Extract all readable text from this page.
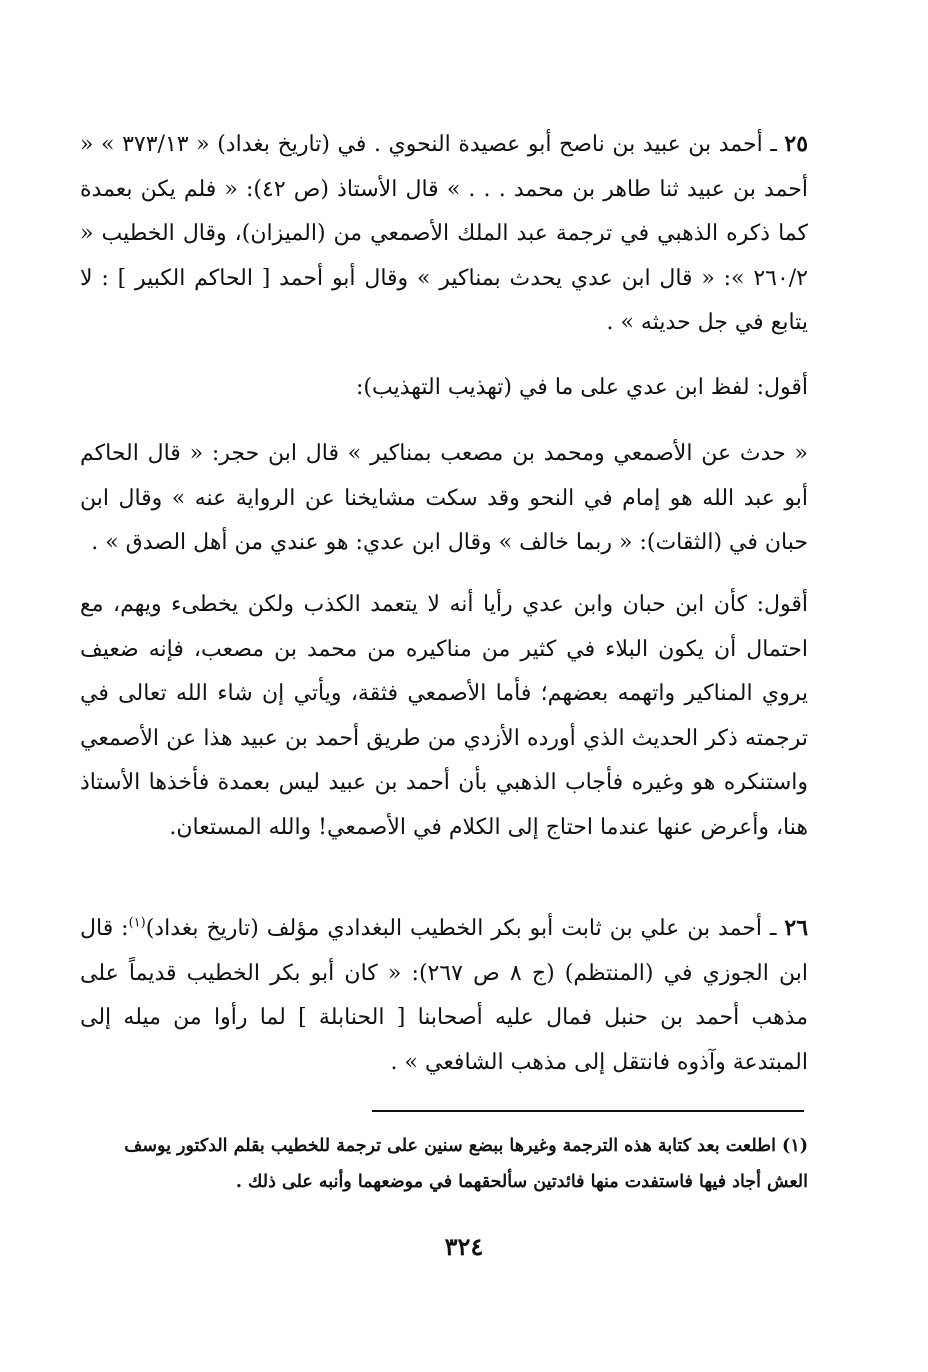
٢٥ ـ أحمد بن عبيد بن ناصح أبو عصيدة النحوي . في (تاريخ بغداد) « ٣٧٣/١٣ » « أحمد بن عبيد ثنا طاهر بن محمد . . . » قال الأستاذ (ص ٤٢): « فلم يكن بعمدة كما ذكره الذهبي في ترجمة عبد الملك الأصمعي من (الميزان)، وقال الخطيب « ٢٦٠/٢ »: « قال ابن عدي يحدث بمناكير » وقال أبو أحمد [ الحاكم الكبير ] : لا يتابع في جل حديثه » .

أقول: لفظ ابن عدي على ما في (تهذيب التهذيب):

« حدث عن الأصمعي ومحمد بن مصعب بمناكير » قال ابن حجر: « قال الحاكم أبو عبد الله هو إمام في النحو وقد سكت مشايخنا عن الرواية عنه » وقال ابن حبان في (الثقات): « ربما خالف » وقال ابن عدي: هو عندي من أهل الصدق » .

أقول: كأن ابن حبان وابن عدي رأيا أنه لا يتعمد الكذب ولكن يخطىء ويهم، مع احتمال أن يكون البلاء في كثير من مناكيره من محمد بن مصعب، فإنه ضعيف يروي المناكير واتهمه بعضهم؛ فأما الأصمعي فثقة، ويأتي إن شاء الله تعالى في ترجمته ذكر الحديث الذي أورده الأزدي من طريق أحمد بن عبيد هذا عن الأصمعي واستنكره هو وغيره فأجاب الذهبي بأن أحمد بن عبيد ليس بعمدة فأخذها الأستاذ هنا، وأعرض عنها عندما احتاج إلى الكلام في الأصمعي! والله المستعان.

٢٦ ـ أحمد بن علي بن ثابت أبو بكر الخطيب البغدادي مؤلف (تاريخ بغداد)$^{(١)}$: قال ابن الجوزي في (المنتظم) (ج ٨ ص ٢٦٧): « كان أبو بكر الخطيب قديماً على مذهب أحمد بن حنبل فمال عليه أصحابنا [ الحنابلة ] لما رأوا من ميله إلى المبتدعة وآذوه فانتقل إلى مذهب الشافعي » .

(١) اطلعت بعد كتابة هذه الترجمة وغيرها ببضع سنين على ترجمة للخطيب بقلم الدكتور يوسف العش أجاد فيها فاستفدت منها فائدتين سألحقهما في موضعهما وأنبه على ذلك .

٣٢٤
